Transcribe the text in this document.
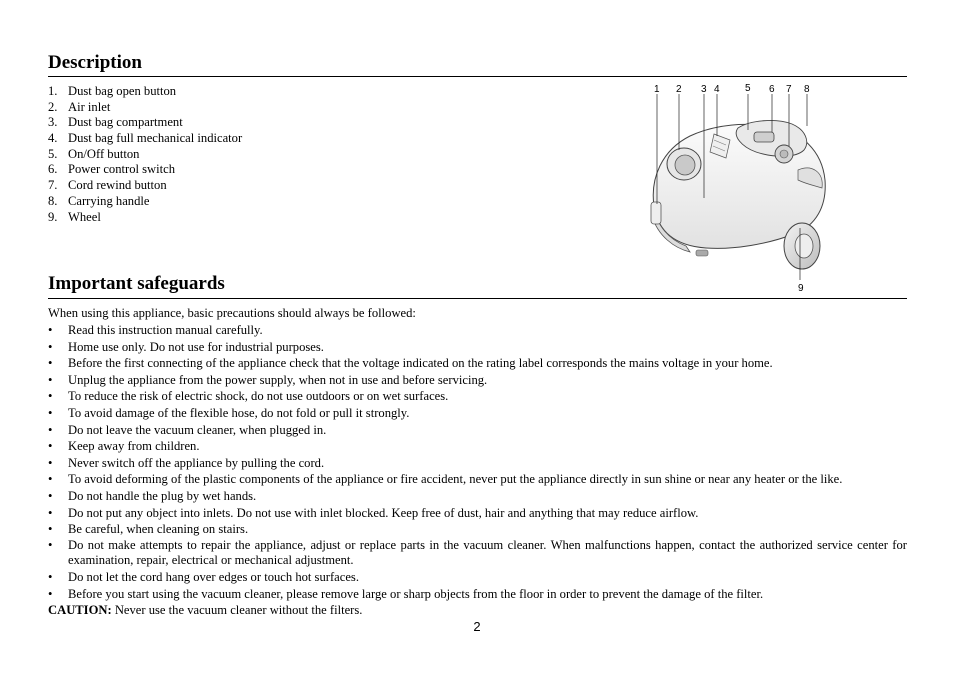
Description
1. Dust bag open button
2. Air inlet
3. Dust bag compartment
4. Dust bag full mechanical indicator
5. On/Off button
6. Power control switch
7. Cord rewind button
8. Carrying handle
9. Wheel
1 2 3 4	5 6 7 8
9
Important safeguards
When using this appliance, basic precautions should always be followed:
• Read this instruction manual carefully.
• Home use only. Do not use for industrial purposes.
• Before the first connecting of the appliance check that the voltage indicated on the rating label corresponds the mains voltage in your home.
• Unplug the appliance from the power supply, when not in use and before servicing.
• To reduce the risk of electric shock, do not use outdoors or on wet surfaces.
• To avoid damage of the flexible hose, do not fold or pull it strongly.
• Do not leave the vacuum cleaner, when plugged in.
• Keep away from children.
• Never switch off the appliance by pulling the cord.
• To avoid deforming of the plastic components of the appliance or fire accident, never put the appliance directly in sun shine or near any heater or the like.
• Do not handle the plug by wet hands.
• Do not put any object into inlets. Do not use with inlet blocked. Keep free of dust, hair and anything that may reduce airflow.
• Be careful, when cleaning on stairs.
• Do not make attempts to repair the appliance, adjust or replace parts in the vacuum cleaner. When malfunctions happen, contact the authorized service center for examination, repair, electrical or mechanical adjustment.
• Do not let the cord hang over edges or touch hot surfaces.
• Before you start using the vacuum cleaner, please remove large or sharp objects from the floor in order to prevent the damage of the filter.
CAUTION: Never use the vacuum cleaner without the filters.
2
